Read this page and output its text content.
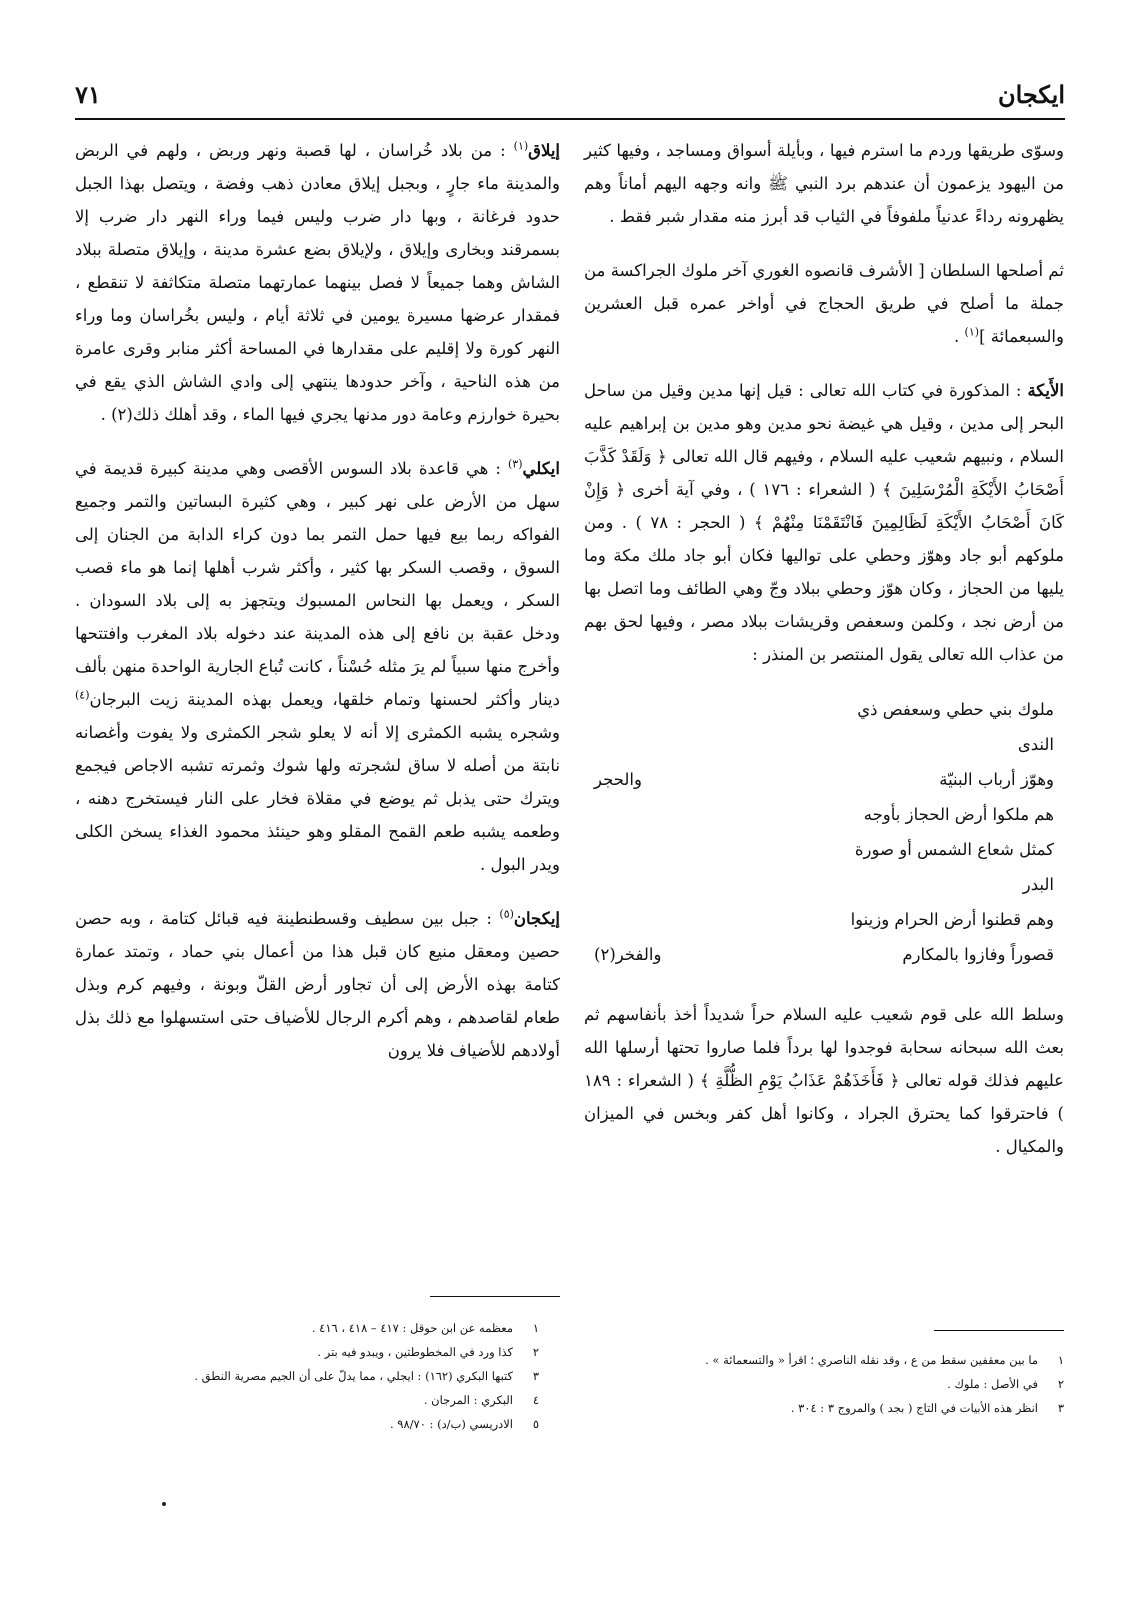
ايكجان
٧١

وسوّى طريقها وردم ما استرم فيها ، وبأيلة أسواق ومساجد ، وفيها كثير من اليهود يزعمون أن عندهم برد النبي ﷺ وانه وجهه اليهم أماناً وهم يظهرونه رداءً عدنياً ملفوفاً في الثياب قد أبرز منه مقدار شبر فقط .

ثم أصلحها السلطان [ الأشرف قانصوه الغوري آخر ملوك الجراكسة من جملة ما أصلح في طريق الحجاج في أواخر عمره قبل العشرين والسبعمائة ]$^{(١)}$ .

الأَيكة : المذكورة في كتاب الله تعالى : قيل إنها مدين وقيل من ساحل البحر إلى مدين ، وقيل هي غيضة نحو مدين وهو مدين بن إبراهيم عليه السلام ، ونبيهم شعيب عليه السلام ، وفيهم قال الله تعالى ﴿ وَلَقَدْ كَذَّبَ أَصْحَابُ الأَيْكَةِ الْمُرْسَلِينَ ﴾ ( الشعراء : ١٧٦ ) ، وفي آية أخرى ﴿ وَإِنْ كَانَ أَصْحَابُ الأَيْكَةِ لَظَالِمِينَ فَانْتَقَمْنَا مِنْهُمْ ﴾ ( الحجر : ٧٨ ) . ومن ملوكهم أبو جاد وهوّز وحطي على تواليها فكان أبو جاد ملك مكة وما يليها من الحجاز ، وكان هوّز وحطي ببلاد وجّ وهي الطائف وما اتصل بها من أرض نجد ، وكلمن وسعفص وقريشات ببلاد مصر ، وفيها لحق بهم من عذاب الله تعالى يقول المنتصر بن المنذر :

ملوك بني حطي وسعفص ذي الندى
وهوّز أرباب البنيّة
والحجر
هم ملكوا أرض الحجاز بأوجه
كمثل شعاع الشمس أو صورة البدر
وهم قطنوا أرض الحرام وزينوا
قصوراً وفازوا بالمكارم
والفخر(٢)

وسلط الله على قوم شعيب عليه السلام حراً شديداً أخذ بأنفاسهم ثم بعث الله سبحانه سحابة فوجدوا لها برداً فلما صاروا تحتها أرسلها الله عليهم فذلك قوله تعالى ﴿ فَأَخَذَهُمْ عَذَابُ يَوْمِ الظُّلَّةِ ﴾ ( الشعراء : ١٨٩ ) فاحترقوا كما يحترق الجراد ، وكانوا أهل كفر وبخس في الميزان والمكيال .

إيلاق$^{(١)}$ : من بلاد خُراسان ، لها قصبة ونهر وربض ، ولهم في الربض والمدينة ماء جارٍ ، وبجبل إيلاق معادن ذهب وفضة ، ويتصل بهذا الجبل حدود فرغانة ، وبها دار ضرب وليس فيما وراء النهر دار ضرب إلا بسمرقند وبخارى وإيلاق ، ولإيلاق بضع عشرة مدينة ، وإيلاق متصلة ببلاد الشاش وهما جميعاً لا فصل بينهما عمارتهما متصلة متكاثفة لا تنقطع ، فمقدار عرضها مسيرة يومين في ثلاثة أيام ، وليس بخُراسان وما وراء النهر كورة ولا إقليم على مقدارها في المساحة أكثر منابر وقرى عامرة من هذه الناحية ، وآخر حدودها ينتهي إلى وادي الشاش الذي يقع في بحيرة خوارزم وعامة دور مدنها يجري فيها الماء ، وقد أهلك ذلك(٢) .

ايكلي$^{(٣)}$ : هي قاعدة بلاد السوس الأقصى وهي مدينة كبيرة قديمة في سهل من الأرض على نهر كبير ، وهي كثيرة البساتين والتمر وجميع الفواكه ربما بيع فيها حمل التمر بما دون كراء الدابة من الجنان إلى السوق ، وقصب السكر بها كثير ، وأكثر شرب أهلها إنما هو ماء قصب السكر ، ويعمل بها النحاس المسبوك ويتجهز به إلى بلاد السودان . ودخل عقبة بن نافع إلى هذه المدينة عند دخوله بلاد المغرب وافتتحها وأخرج منها سبياً لم يرَ مثله حُسْناً ، كانت تُباع الجارية الواحدة منهن بألف دينار وأكثر لحسنها وتمام خلقها، ويعمل بهذه المدينة زيت البرجان$^{(٤)}$ وشجره يشبه الكمثرى إلا أنه لا يعلو شجر الكمثرى ولا يفوت وأغصانه نابتة من أصله لا ساق لشجرته ولها شوك وثمرته تشبه الاجاص فيجمع ويترك حتى يذبل ثم يوضع في مقلاة فخار على النار فيستخرج دهنه ، وطعمه يشبه طعم القمح المقلو وهو حينئذ محمود الغذاء يسخن الكلى ويدر البول .

إيكجان$^{(٥)}$ : جبل بين سطيف وقسطنطينة فيه قبائل كتامة ، وبه حصن حصين ومعقل منيع كان قبل هذا من أعمال بني حماد ، وتمتد عمارة كتامة بهذه الأرض إلى أن تجاور أرض القلّ وبونة ، وفيهم كرم وبذل طعام لقاصدهم ، وهم أكرم الرجال للأضياف حتى استسهلوا مع ذلك بذل أولادهم للأضياف فلا يرون

١
معظمه عن ابن حوقل : ٤١٧ – ٤١٨ ، ٤١٦ .
٢
كذا ورد في المخطوطتين ، ويبدو فيه بتر .
٣
كتبها البكري (١٦٢) : ايجلي ، مما يدلّ على أن الجيم مصرية النطق .
٤
البكري : المرجان .
٥
الادريسي (ب/د) : ٩٨/٧٠ .
١
ما بين معقفين سقط من ع ، وقد نقله الناصري ؛ اقرأ « والتسعمائة » .
٢
في الأصل : ملوك .
٣
انظر هذه الأبيات في التاج ( بجد ) والمروج ٣ : ٣٠٤ .
